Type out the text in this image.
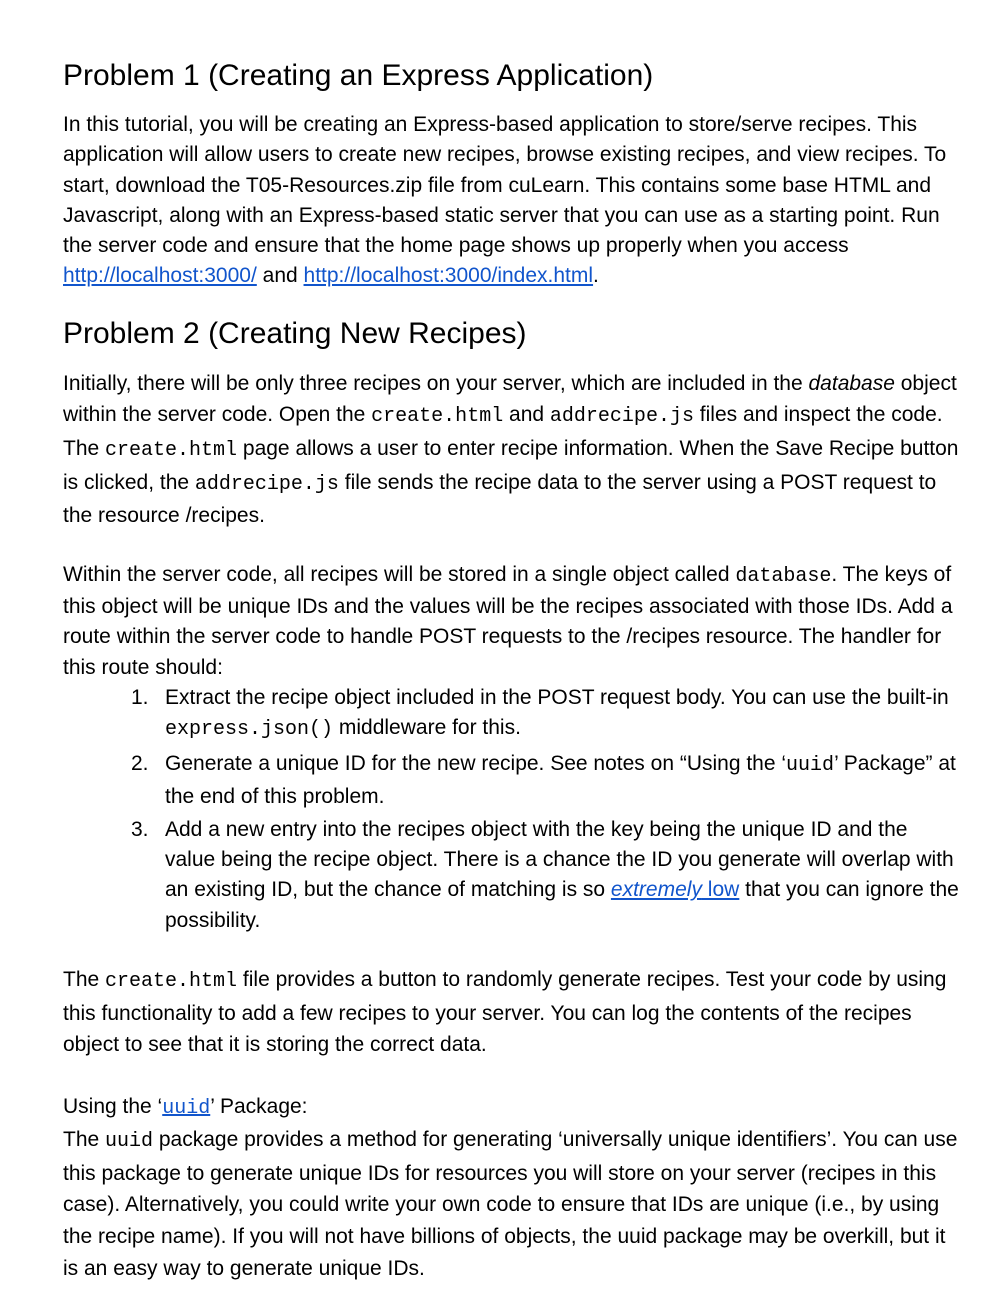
Problem 1 (Creating an Express Application)

In this tutorial, you will be creating an Express-based application to store/serve recipes. This application will allow users to create new recipes, browse existing recipes, and view recipes. To start, download the T05-Resources.zip file from cuLearn. This contains some base HTML and Javascript, along with an Express-based static server that you can use as a starting point. Run the server code and ensure that the home page shows up properly when you access http://localhost:3000/ and http://localhost:3000/index.html.

Problem 2 (Creating New Recipes)

Initially, there will be only three recipes on your server, which are included in the database object within the server code. Open the create.html and addrecipe.js files and inspect the code. The create.html page allows a user to enter recipe information. When the Save Recipe button is clicked, the addrecipe.js file sends the recipe data to the server using a POST request to the resource /recipes.

Within the server code, all recipes will be stored in a single object called database. The keys of this object will be unique IDs and the values will be the recipes associated with those IDs. Add a route within the server code to handle POST requests to the /recipes resource. The handler for this route should:

1. Extract the recipe object included in the POST request body. You can use the built-in express.json() middleware for this.
2. Generate a unique ID for the new recipe. See notes on “Using the ‘uuid’ Package” at the end of this problem.
3. Add a new entry into the recipes object with the key being the unique ID and the value being the recipe object. There is a chance the ID you generate will overlap with an existing ID, but the chance of matching is so extremely low that you can ignore the possibility.

The create.html file provides a button to randomly generate recipes. Test your code by using this functionality to add a few recipes to your server. You can log the contents of the recipes object to see that it is storing the correct data.

Using the ‘uuid’ Package:
The uuid package provides a method for generating ‘universally unique identifiers’. You can use this package to generate unique IDs for resources you will store on your server (recipes in this case). Alternatively, you could write your own code to ensure that IDs are unique (i.e., by using the recipe name). If you will not have billions of objects, the uuid package may be overkill, but it is an easy way to generate unique IDs.
